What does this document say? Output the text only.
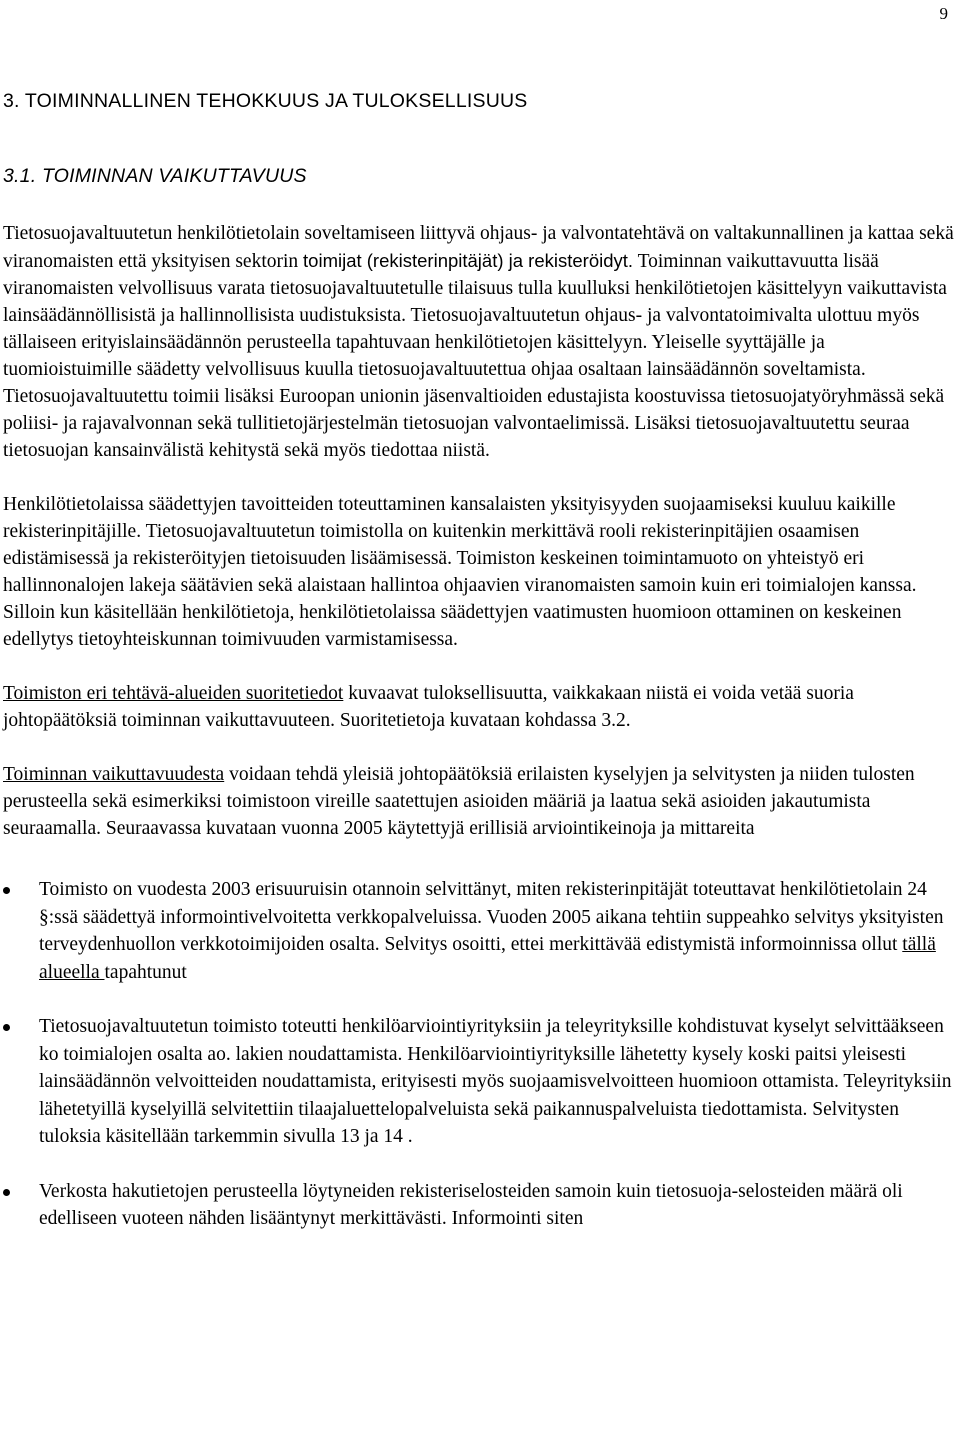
9
3. TOIMINNALLINEN TEHOKKUUS JA TULOKSELLISUUS
3.1. TOIMINNAN VAIKUTTAVUUS

Tietosuojavaltuutetun henkilötietolain soveltamiseen liittyvä ohjaus- ja valvontatehtävä on valtakunnallinen ja kattaa sekä viranomaisten että yksityisen sektorin toimijat (rekisterinpitäjät) ja rekisteröidyt. Toiminnan vaikuttavuutta lisää viranomaisten velvollisuus varata tietosuojavaltuutetulle tilaisuus tulla kuulluksi henkilötietojen käsittelyyn vaikuttavista lainsäädännöllisistä ja hallinnollisista uudistuksista. Tietosuojavaltuutetun ohjaus- ja valvontatoimivalta ulottuu myös tällaiseen erityislainsäädännön perusteella tapahtuvaan henkilötietojen käsittelyyn. Yleiselle syyttäjälle ja tuomioistuimille säädetty velvollisuus kuulla tietosuojavaltuutettua ohjaa osaltaan lainsäädännön soveltamista. Tietosuojavaltuutettu toimii lisäksi Euroopan unionin jäsenvaltioiden edustajista koostuvissa tietosuojatyöryhmässä sekä poliisi- ja rajavalvonnan sekä tullitietojärjestelmän tietosuojan valvontaelimissä. Lisäksi tietosuojavaltuutettu seuraa tietosuojan kansainvälistä kehitystä sekä myös tiedottaa niistä.

Henkilötietolaissa säädettyjen tavoitteiden toteuttaminen kansalaisten yksityisyyden suojaamiseksi kuuluu kaikille rekisterinpitäjille. Tietosuojavaltuutetun toimistolla on kuitenkin merkittävä rooli rekisterinpitäjien osaamisen edistämisessä ja rekisteröityjen tietoisuuden lisäämisessä. Toimiston keskeinen toimintamuoto on yhteistyö eri hallinnonalojen lakeja säätävien sekä alaistaan hallintoa ohjaavien viranomaisten samoin kuin eri toimialojen kanssa. Silloin kun käsitellään henkilötietoja, henkilötietolaissa säädettyjen vaatimusten huomioon ottaminen on keskeinen edellytys tietoyhteiskunnan toimivuuden varmistamisessa.

Toimiston eri tehtävä-alueiden suoritetiedot kuvaavat tuloksellisuutta, vaikkakaan niistä ei voida vetää suoria johtopäätöksiä toiminnan vaikuttavuuteen. Suoritetietoja kuvataan kohdassa 3.2.

Toiminnan vaikuttavuudesta voidaan tehdä yleisiä johtopäätöksiä erilaisten kyselyjen ja selvitysten ja niiden tulosten perusteella sekä esimerkiksi toimistoon vireille saatettujen asioiden määriä ja laatua sekä asioiden jakautumista seuraamalla. Seuraavassa kuvataan vuonna 2005 käytettyjä erillisiä arviointikeinoja ja mittareita

Toimisto on vuodesta 2003 erisuuruisin otannoin selvittänyt, miten rekisterinpitäjät toteuttavat henkilötietolain 24 §:ssä säädettyä informointivelvoitetta verkkopalveluissa. Vuoden 2005 aikana tehtiin suppeahko selvitys yksityisten terveydenhuollon verkkotoimijoiden osalta. Selvitys osoitti, ettei merkittävää edistymistä informoinnissa ollut tällä alueella tapahtunut
Tietosuojavaltuutetun toimisto toteutti henkilöarviointiyrityksiin ja teleyrityksille kohdistuvat kyselyt selvittääkseen ko toimialojen osalta ao. lakien noudattamista. Henkilöarviointiyrityksille lähetetty kysely koski paitsi yleisesti lainsäädännön velvoitteiden noudattamista, erityisesti myös suojaamisvelvoitteen huomioon ottamista. Teleyrityksiin lähetetyillä kyselyillä selvitettiin tilaajaluettelopalveluista sekä paikannuspalveluista tiedottamista. Selvitysten tuloksia käsitellään tarkemmin sivulla 13 ja 14 .
Verkosta hakutietojen perusteella löytyneiden rekisteriselosteiden samoin kuin tietosuoja-selosteiden määrä oli edelliseen vuoteen nähden lisääntynyt merkittävästi. Informointi siten
